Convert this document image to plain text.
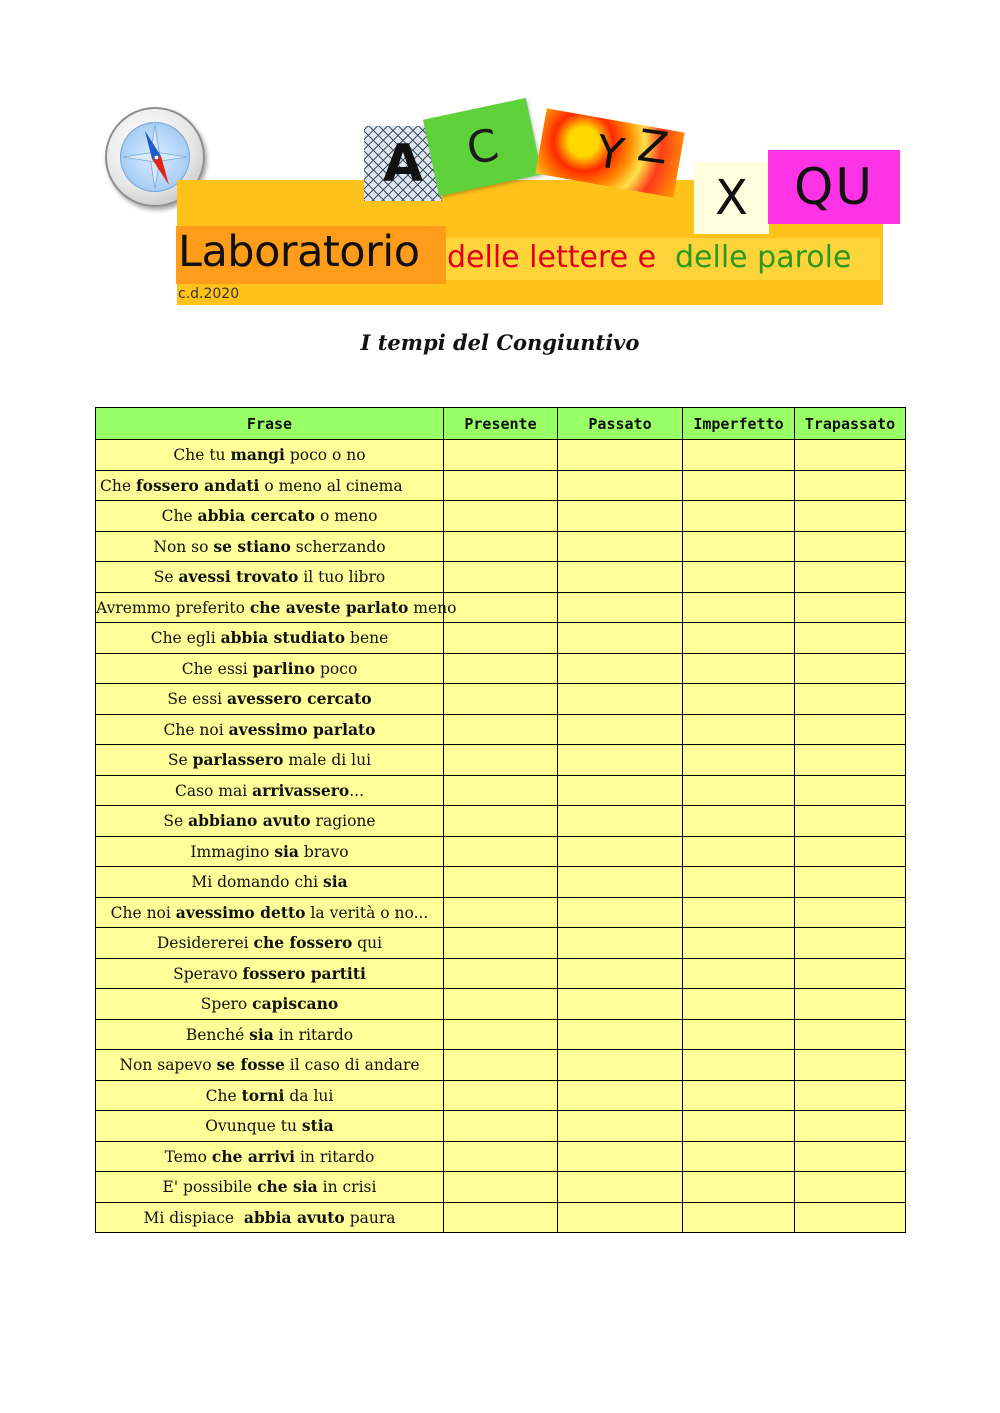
A C Y Z
X QU
Laboratorio delle lettere e delle parole
c.d.2020
I tempi del Congiuntivo
Frase	Presente	Passato	Imperfetto	Trapassato
Che tu mangi poco o no				
Che fossero andati o meno al cinema				
Che abbia cercato o meno				
Non so se stiano scherzando				
Se avessi trovato il tuo libro				
Avremmo preferito che aveste parlato meno				
Che egli abbia studiato bene				
Che essi parlino poco				
Se essi avessero cercato				
Che noi avessimo parlato				
Se parlassero male di lui				
Caso mai arrivassero...				
Se abbiano avuto ragione				
Immagino sia bravo				
Mi domando chi sia				
Che noi avessimo detto la verità o no...				
Desidererei che fossero qui				
Speravo fossero partiti				
Spero capiscano				
Benché sia in ritardo				
Non sapevo se fosse il caso di andare				
Che torni da lui				
Ovunque tu stia				
Temo che arrivi in ritardo				
E' possibile che sia in crisi				
Mi dispiace  abbia avuto paura				
